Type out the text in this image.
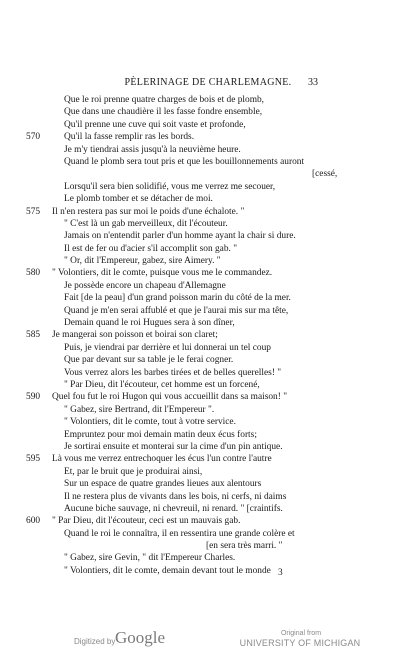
PÈLERINAGE DE CHARLEMAGNE.	33
Que le roi prenne quatre charges de bois et de plomb,
Que dans une chaudière il les fasse fondre ensemble,
Qu'il prenne une cuve qui soit vaste et profonde,
570	Qu'il la fasse remplir ras les bords.
Je m'y tiendrai assis jusqu'à la neuvième heure.
Quand le plomb sera tout pris et que les bouillonnements auront
[cessé,
Lorsqu'il sera bien solidifié, vous me verrez me secouer,
Le plomb tomber et se détacher de moi.
575	Il n'en restera pas sur moi le poids d'une échalote. "
" C'est là un gab merveilleux, dit l'écouteur.
Jamais on n'entendit parler d'un homme ayant la chair si dure.
Il est de fer ou d'acier s'il accomplit son gab. "
" Or, dit l'Empereur, gabez, sire Aimery. "
580	" Volontiers, dit le comte, puisque vous me le commandez.
Je possède encore un chapeau d'Allemagne
Fait [de la peau] d'un grand poisson marin du côté de la mer.
Quand je m'en serai affublé et que je l'aurai mis sur ma tête,
Demain quand le roi Hugues sera à son dîner,
585	Je mangerai son poisson et boirai son claret;
Puis, je viendrai par derrière et lui donnerai un tel coup
Que par devant sur sa table je le ferai cogner.
Vous verrez alors les barbes tirées et de belles querelles! "
" Par Dieu, dit l'écouteur, cet homme est un forcené,
590	Quel fou fut le roi Hugon qui vous accueillit dans sa maison! "
" Gabez, sire Bertrand, dit l'Empereur ".
" Volontiers, dit le comte, tout à votre service.
Empruntez pour moi demain matin deux écus forts;
Je sortirai ensuite et monterai sur la cime d'un pin antique.
595	Là vous me verrez entrechoquer les écus l'un contre l'autre
Et, par le bruit que je produirai ainsi,
Sur un espace de quatre grandes lieues aux alentours
Il ne restera plus de vivants dans les bois, ni cerfs, ni daims
Aucune biche sauvage, ni chevreuil, ni renard. " [craintifs.
600	" Par Dieu, dit l'écouteur, ceci est un mauvais gab.
Quand le roi le connaîtra, il en ressentira une grande colère et
[en sera très marri. "
" Gabez, sire Gevin, " dit l'Empereur Charles.
" Volontiers, dit le comte, demain devant tout le monde 3
Digitized by Google	Original from
UNIVERSITY OF MICHIGAN
